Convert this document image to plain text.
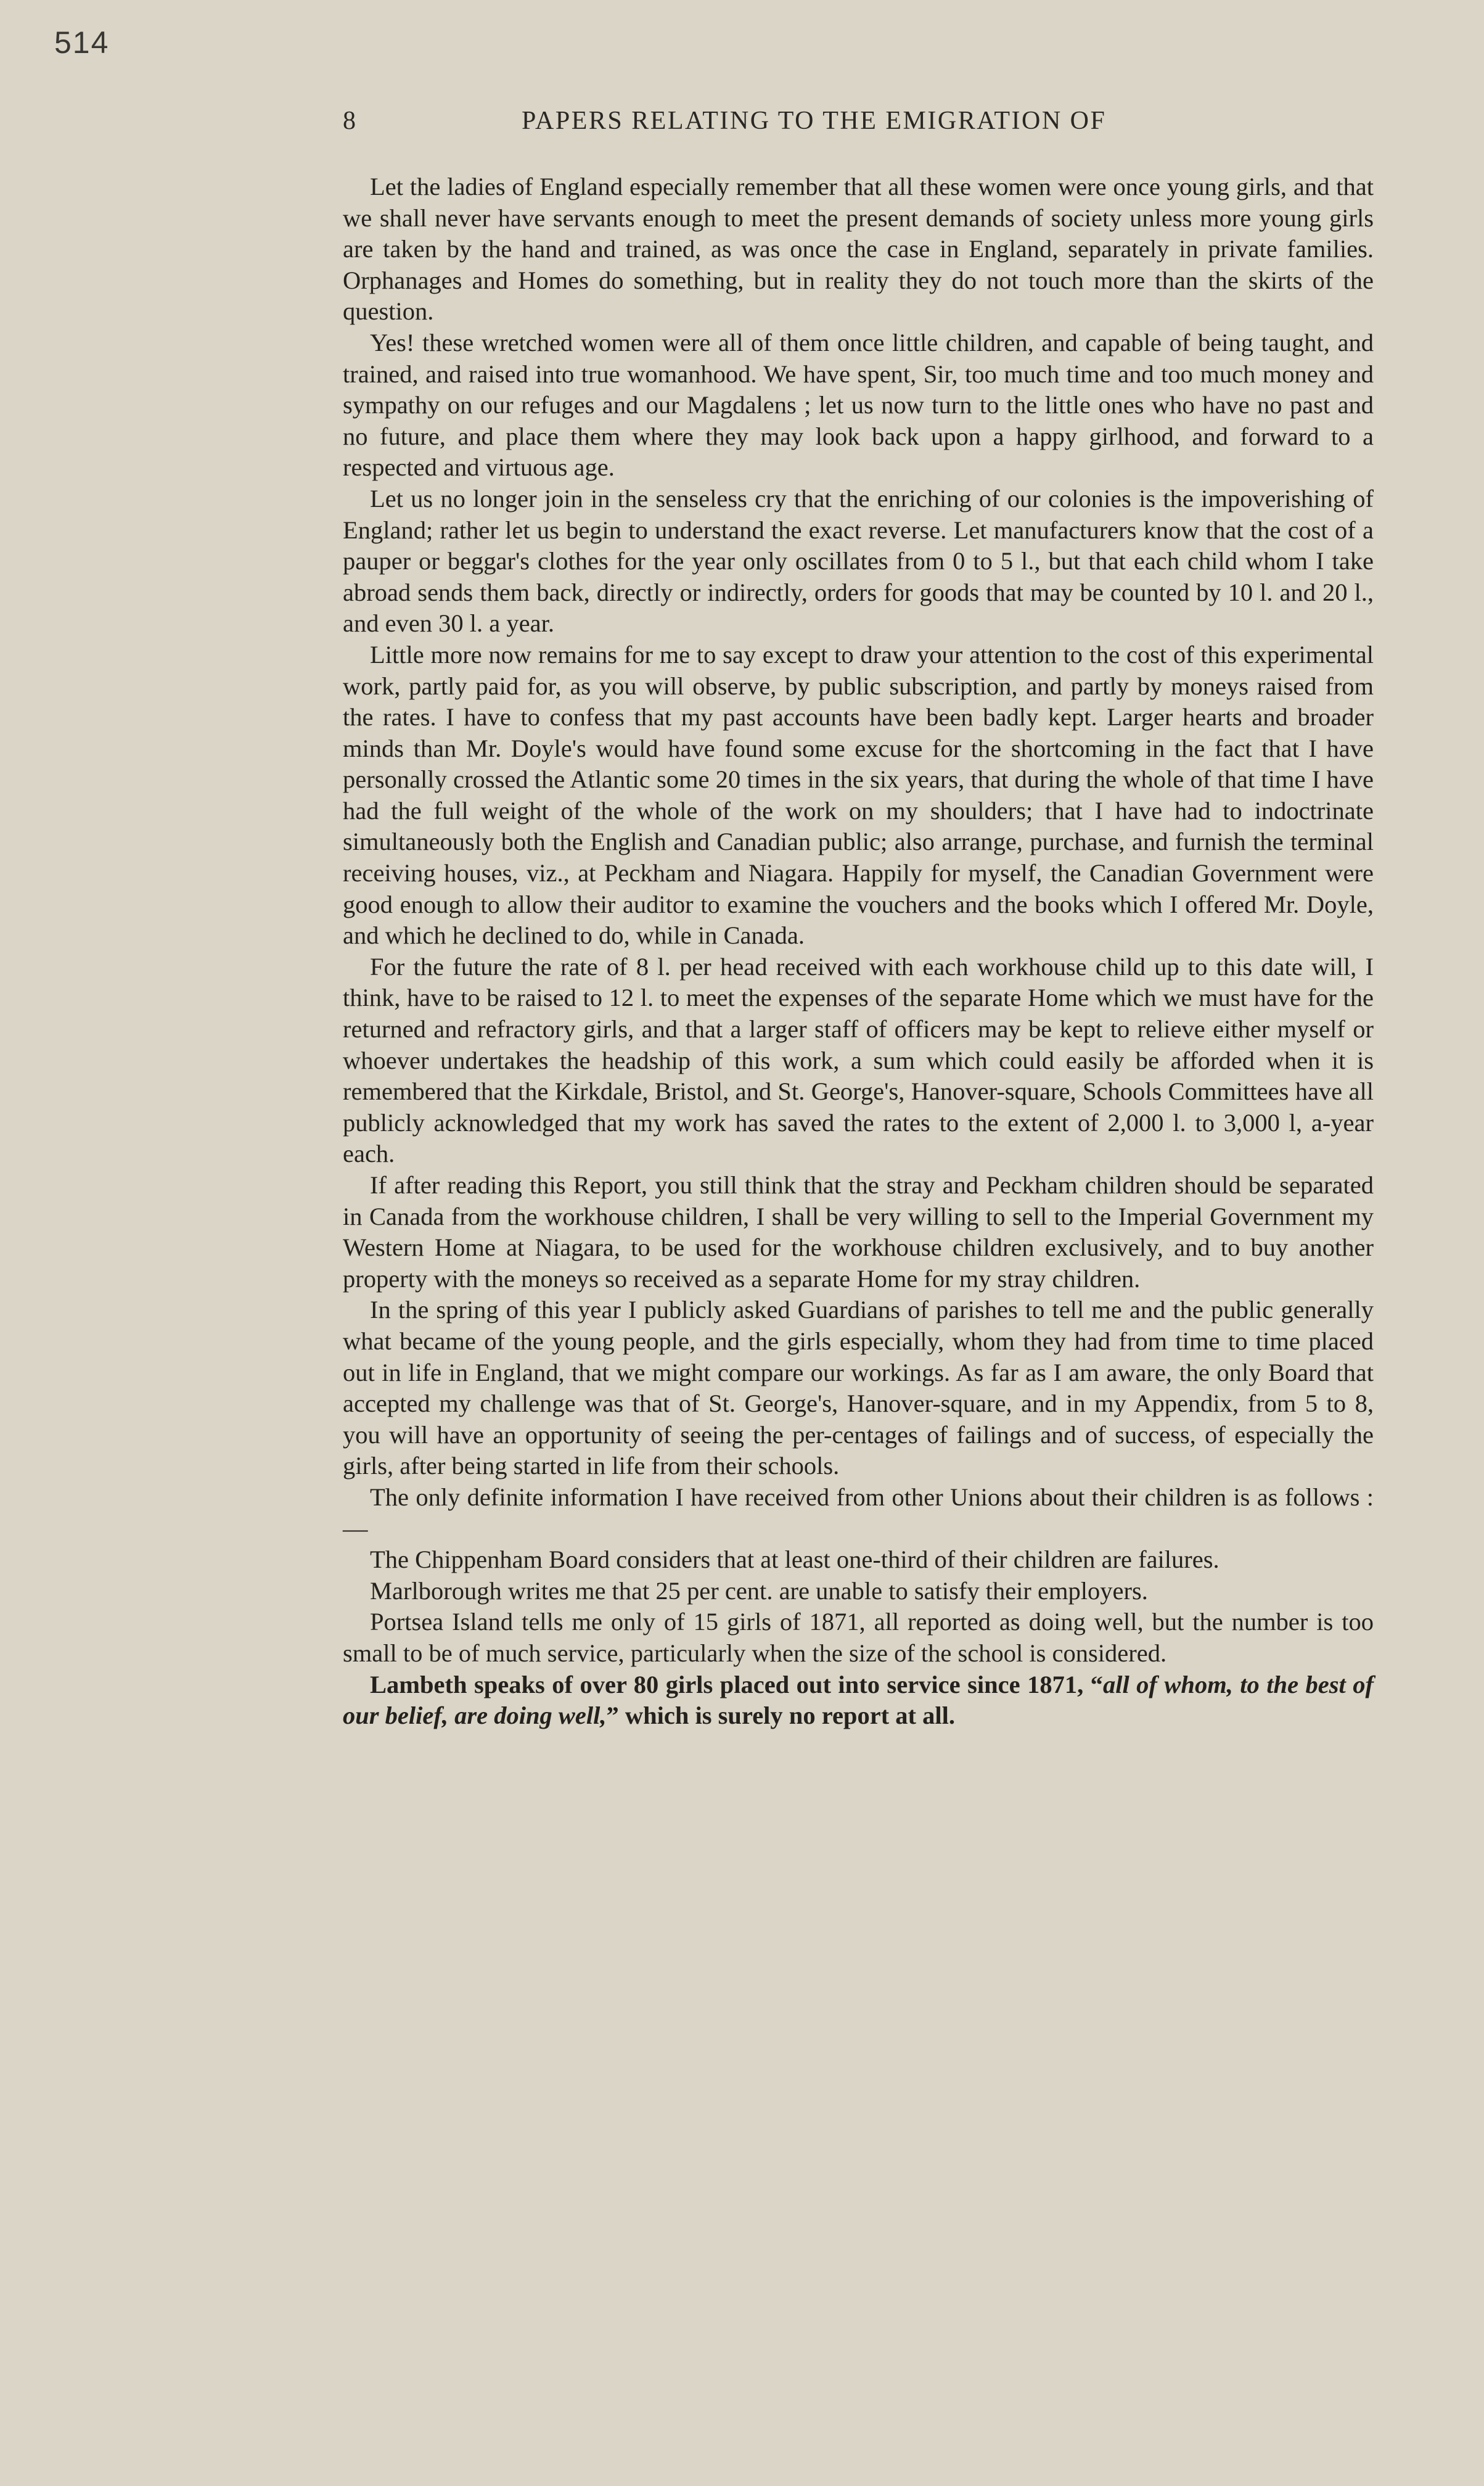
514
8	PAPERS RELATING TO THE EMIGRATION OF

Let the ladies of England especially remember that all these women were once young girls, and that we shall never have servants enough to meet the present demands of society unless more young girls are taken by the hand and trained, as was once the case in England, separately in private families. Orphanages and Homes do something, but in reality they do not touch more than the skirts of the question.

Yes! these wretched women were all of them once little children, and capable of being taught, and trained, and raised into true womanhood. We have spent, Sir, too much time and too much money and sympathy on our refuges and our Magdalens ; let us now turn to the little ones who have no past and no future, and place them where they may look back upon a happy girlhood, and forward to a respected and virtuous age.

Let us no longer join in the senseless cry that the enriching of our colonies is the impoverishing of England; rather let us begin to understand the exact reverse. Let manufacturers know that the cost of a pauper or beggar's clothes for the year only oscillates from 0 to 5 l., but that each child whom I take abroad sends them back, directly or indirectly, orders for goods that may be counted by 10 l. and 20 l., and even 30 l. a year.

Little more now remains for me to say except to draw your attention to the cost of this experimental work, partly paid for, as you will observe, by public subscription, and partly by moneys raised from the rates. I have to confess that my past accounts have been badly kept. Larger hearts and broader minds than Mr. Doyle's would have found some excuse for the shortcoming in the fact that I have personally crossed the Atlantic some 20 times in the six years, that during the whole of that time I have had the full weight of the whole of the work on my shoulders; that I have had to indoctrinate simultaneously both the English and Canadian public; also arrange, purchase, and furnish the terminal receiving houses, viz., at Peckham and Niagara. Happily for myself, the Canadian Government were good enough to allow their auditor to examine the vouchers and the books which I offered Mr. Doyle, and which he declined to do, while in Canada.

For the future the rate of 8 l. per head received with each workhouse child up to this date will, I think, have to be raised to 12 l. to meet the expenses of the separate Home which we must have for the returned and refractory girls, and that a larger staff of officers may be kept to relieve either myself or whoever undertakes the headship of this work, a sum which could easily be afforded when it is remembered that the Kirkdale, Bristol, and St. George's, Hanover-square, Schools Committees have all publicly acknowledged that my work has saved the rates to the extent of 2,000 l. to 3,000 l, a-year each.

If after reading this Report, you still think that the stray and Peckham children should be separated in Canada from the workhouse children, I shall be very willing to sell to the Imperial Government my Western Home at Niagara, to be used for the workhouse children exclusively, and to buy another property with the moneys so received as a separate Home for my stray children.

In the spring of this year I publicly asked Guardians of parishes to tell me and the public generally what became of the young people, and the girls especially, whom they had from time to time placed out in life in England, that we might compare our workings. As far as I am aware, the only Board that accepted my challenge was that of St. George's, Hanover-square, and in my Appendix, from 5 to 8, you will have an opportunity of seeing the per-centages of failings and of success, of especially the girls, after being started in life from their schools.

The only definite information I have received from other Unions about their children is as follows :—

The Chippenham Board considers that at least one-third of their children are failures.

Marlborough writes me that 25 per cent. are unable to satisfy their employers.

Portsea Island tells me only of 15 girls of 1871, all reported as doing well, but the number is too small to be of much service, particularly when the size of the school is considered.

Lambeth speaks of over 80 girls placed out into service since 1871, “all of whom, to the best of our belief, are doing well,” which is surely no report at all.
